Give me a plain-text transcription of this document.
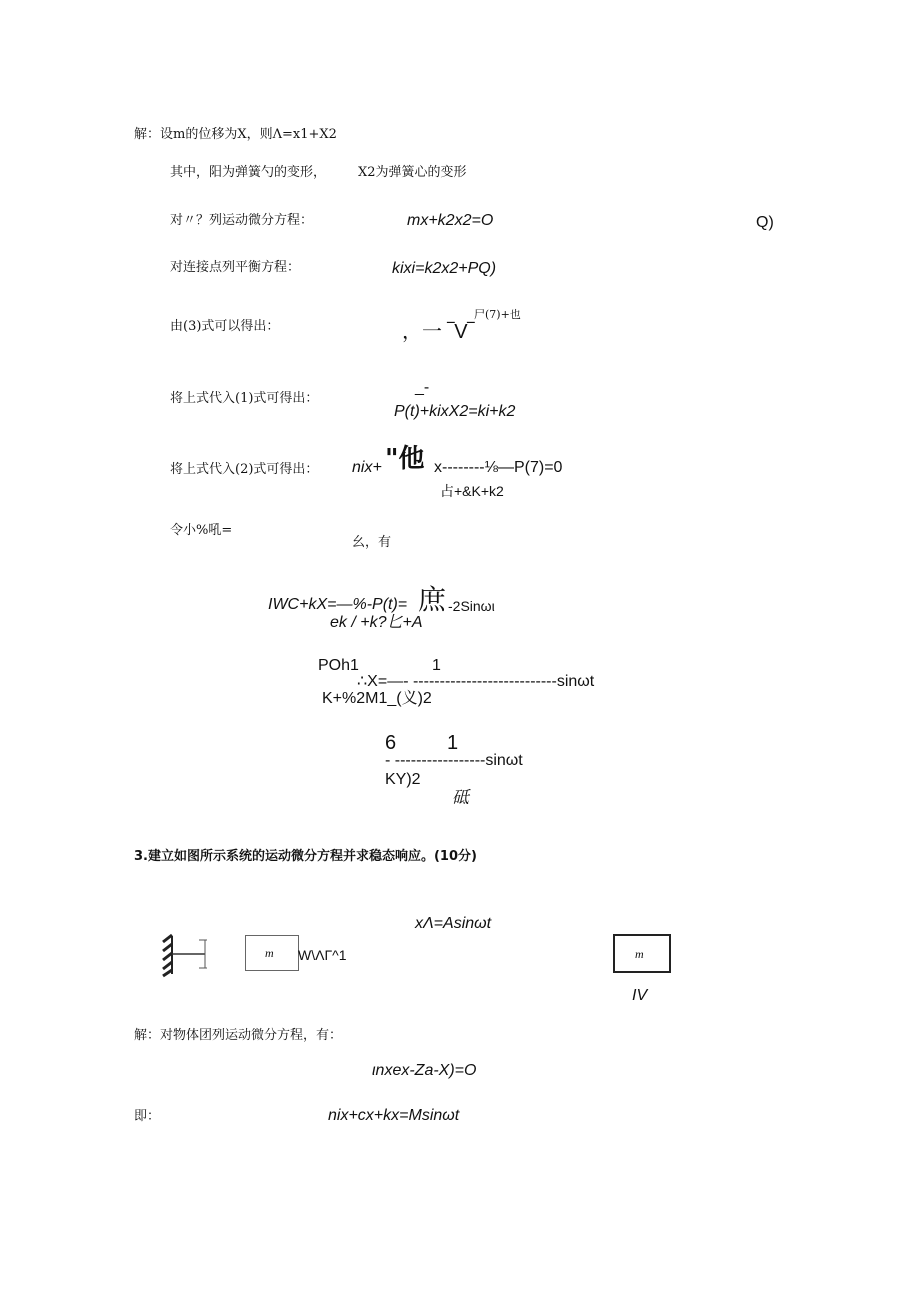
解：设m的位移为X，则Λ=x1+X2
其中，阳为弹簧勺的变形， X2为弹簧心的变形
对〃？列运动微分方程：	mx+k2x2=O	Q)
对连接点列平衡方程：	kixi=k2x2+PQ)
由(3)式可以得出：	，一 ‾V‾
尸(7)+也
将上式代入(1)式可得出：
_-
P(t)+kixX2=ki+k2
将上式代入(2)式可得出： nix+ "他 x--------⅛—P(7)=0
占+&K+k2
令小%吼=
幺，有
IWC+kX=—%-P(t)= 庶 -2Sinωι
ek / +k?匕+A
POh1	1
∴X=—- ---------------------------sinωt
K+%2M1_(义)2
6	1
- -----------------sinωt
KY)2
砥
3.建立如图所示系统的运动微分方程并求稳态响应。(10分)
xΛ=Asinωt
m W\ΛΓ^1	m
IV
解：对物体团列运动微分方程，有：
ιnxex-Za-X)=O
即：	nix+cx+kx=Msinωt
